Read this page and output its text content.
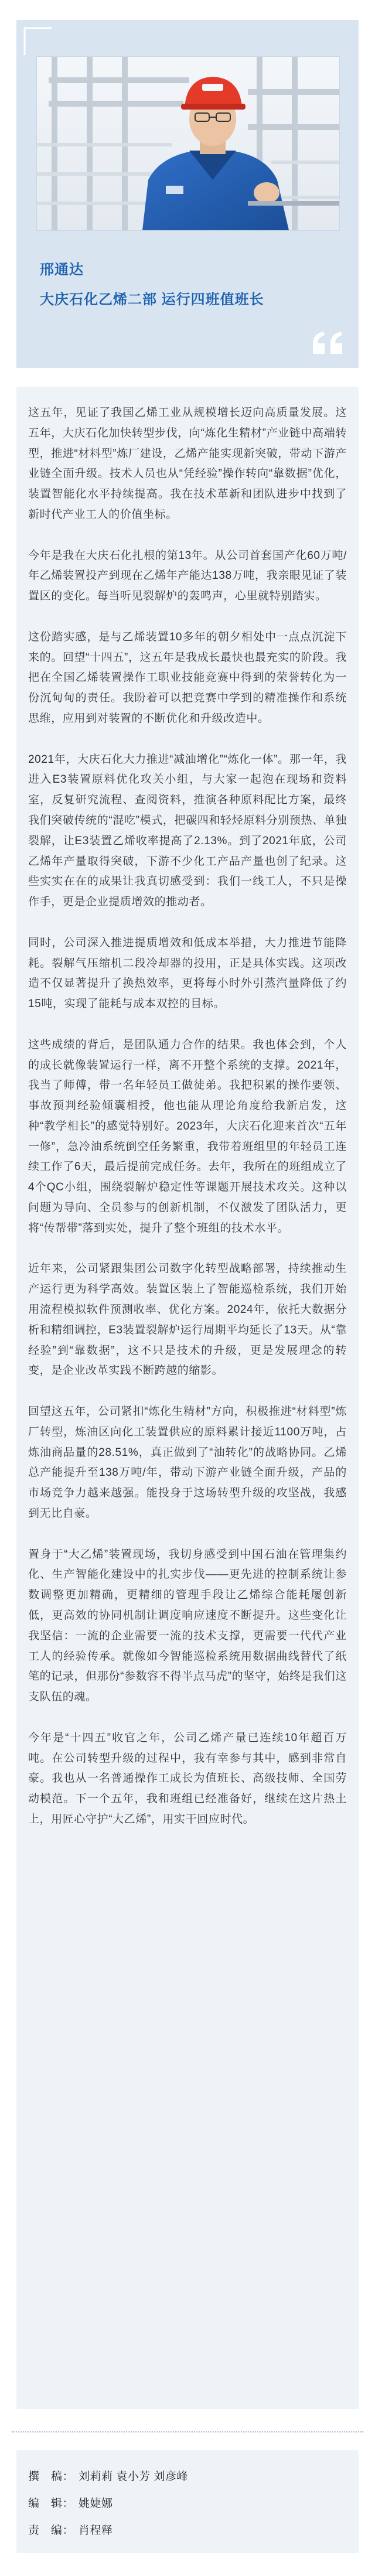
邢通达
大庆石化乙烯二部 运行四班值班长

这五年，见证了我国乙烯工业从规模增长迈向高质量发展。这五年，大庆石化加快转型步伐，向“炼化生精材”产业链中高端转型，推进“材料型”炼厂建设，乙烯产能实现新突破，带动下游产业链全面升级。技术人员也从“凭经验”操作转向“靠数据”优化，装置智能化水平持续提高。我在技术革新和团队进步中找到了新时代产业工人的价值坐标。

今年是我在大庆石化扎根的第13年。从公司首套国产化60万吨/年乙烯装置投产到现在乙烯年产能达138万吨，我亲眼见证了装置区的变化。每当听见裂解炉的轰鸣声，心里就特别踏实。

这份踏实感，是与乙烯装置10多年的朝夕相处中一点点沉淀下来的。回望“十四五”，这五年是我成长最快也最充实的阶段。我把在全国乙烯装置操作工职业技能竞赛中得到的荣誉转化为一份沉甸甸的责任。我盼着可以把竞赛中学到的精准操作和系统思维，应用到对装置的不断优化和升级改造中。

2021年，大庆石化大力推进“减油增化”“炼化一体”。那一年，我进入E3装置原料优化攻关小组，与大家一起泡在现场和资料室，反复研究流程、查阅资料，推演各种原料配比方案，最终我们突破传统的“混吃”模式，把碳四和轻烃原料分别预热、单独裂解，让E3装置乙烯收率提高了2.13%。到了2021年底，公司乙烯年产量取得突破，下游不少化工产品产量也创了纪录。这些实实在在的成果让我真切感受到：我们一线工人，不只是操作手，更是企业提质增效的推动者。

同时，公司深入推进提质增效和低成本举措，大力推进节能降耗。裂解气压缩机二段冷却器的投用，正是具体实践。这项改造不仅显著提升了换热效率，更将每小时外引蒸汽量降低了约15吨，实现了能耗与成本双控的目标。

这些成绩的背后，是团队通力合作的结果。我也体会到，个人的成长就像装置运行一样，离不开整个系统的支撑。2021年，我当了师傅，带一名年轻员工做徒弟。我把积累的操作要领、事故预判经验倾囊相授，他也能从理论角度给我新启发，这种“教学相长”的感觉特别好。2023年，大庆石化迎来首次“五年一修”，急冷油系统倒空任务繁重，我带着班组里的年轻员工连续工作了6天，最后提前完成任务。去年，我所在的班组成立了4个QC小组，围绕裂解炉稳定性等课题开展技术攻关。这种以问题为导向、全员参与的创新机制，不仅激发了团队活力，更将“传帮带”落到实处，提升了整个班组的技术水平。

近年来，公司紧跟集团公司数字化转型战略部署，持续推动生产运行更为科学高效。装置区装上了智能巡检系统，我们开始用流程模拟软件预测收率、优化方案。2024年，依托大数据分析和精细调控，E3装置裂解炉运行周期平均延长了13天。从“靠经验”到“靠数据”，这不只是技术的升级，更是发展理念的转变，是企业改革实践不断跨越的缩影。

回望这五年，公司紧扣“炼化生精材”方向，积极推进“材料型”炼厂转型，炼油区向化工装置供应的原料累计接近1100万吨，占炼油商品量的28.51%，真正做到了“油转化”的战略协同。乙烯总产能提升至138万吨/年，带动下游产业链全面升级，产品的市场竞争力越来越强。能投身于这场转型升级的攻坚战，我感到无比自豪。

置身于“大乙烯”装置现场，我切身感受到中国石油在管理集约化、生产智能化建设中的扎实步伐——更先进的控制系统让参数调整更加精确，更精细的管理手段让乙烯综合能耗屡创新低，更高效的协同机制让调度响应速度不断提升。这些变化让我坚信：一流的企业需要一流的技术支撑，更需要一代代产业工人的经验传承。就像如今智能巡检系统用数据曲线替代了纸笔的记录，但那份“参数容不得半点马虎”的坚守，始终是我们这支队伍的魂。

今年是“十四五”收官之年，公司乙烯产量已连续10年超百万吨。在公司转型升级的过程中，我有幸参与其中，感到非常自豪。我也从一名普通操作工成长为值班长、高级技师、全国劳动模范。下一个五年，我和班组已经准备好，继续在这片热土上，用匠心守护“大乙烯”，用实干回应时代。

撰　稿： 刘莉莉 袁小芳 刘彦峰
编　辑： 姚婕娜
责　编： 肖程释
